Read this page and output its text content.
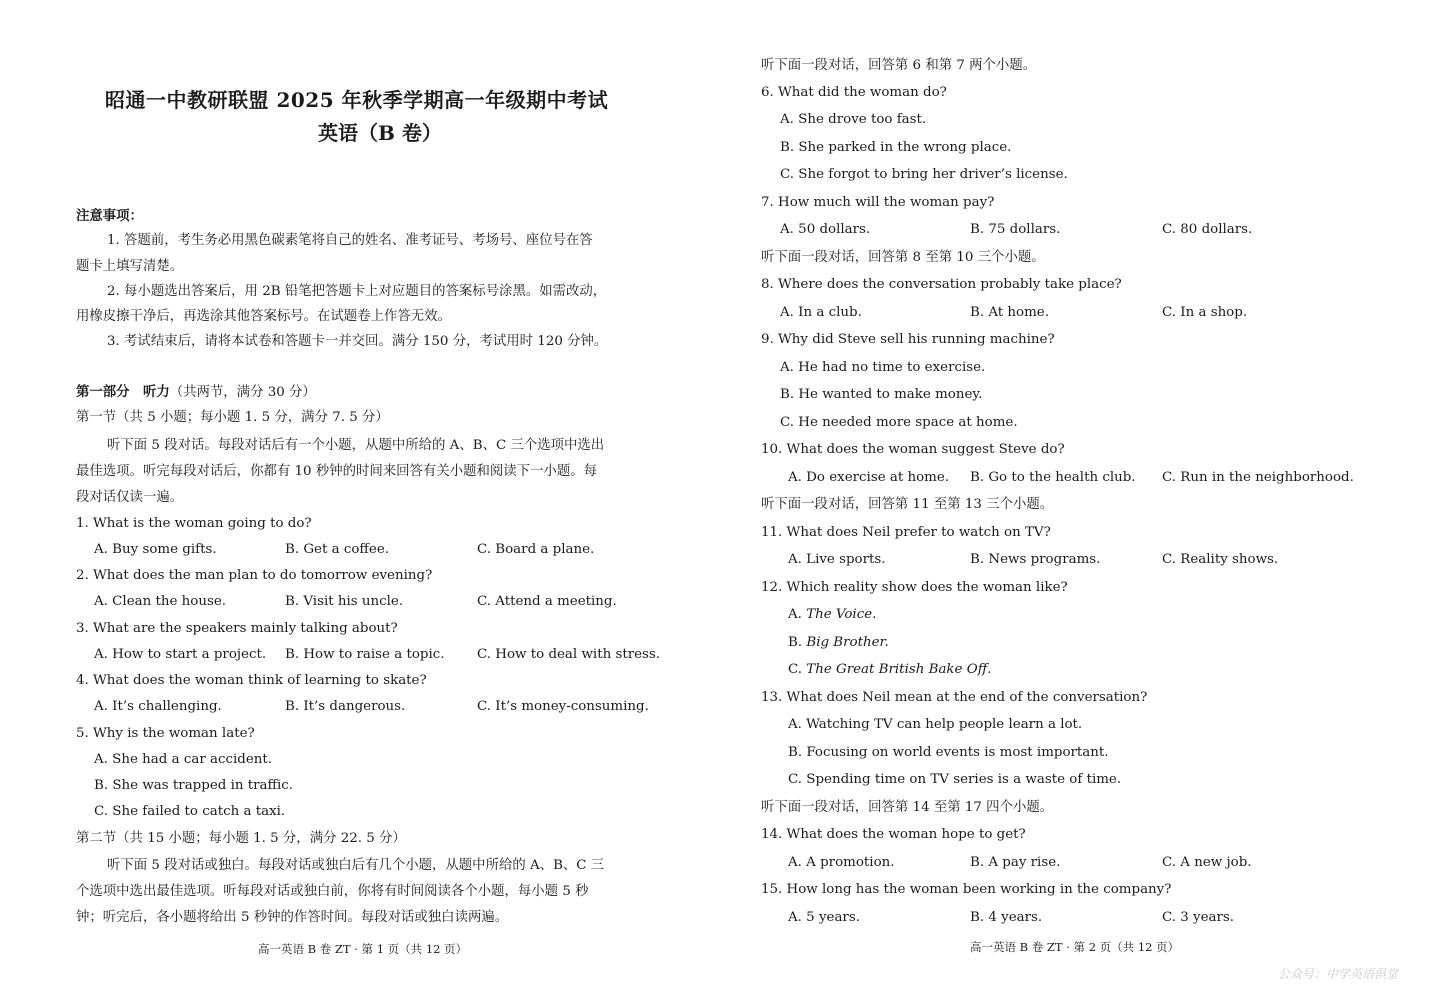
昭通一中教研联盟 2025 年秋季学期高一年级期中考试
英语（B 卷）
注意事项：
1. 答题前，考生务必用黑色碳素笔将自己的姓名、准考证号、考场号、座位号在答
题卡上填写清楚。
2. 每小题选出答案后，用 2B 铅笔把答题卡上对应题目的答案标号涂黑。如需改动，
用橡皮擦干净后，再选涂其他答案标号。在试题卷上作答无效。
3. 考试结束后，请将本试卷和答题卡一并交回。满分 150 分，考试用时 120 分钟。
第一部分　听力（共两节，满分 30 分）
第一节（共 5 小题；每小题 1. 5 分，满分 7. 5 分）
听下面 5 段对话。每段对话后有一个小题，从题中所给的 A、B、C 三个选项中选出
最佳选项。听完每段对话后，你都有 10 秒钟的时间来回答有关小题和阅读下一小题。每
段对话仅读一遍。
1. What is the woman going to do?
A. Buy some gifts.	B. Get a coffee.	C. Board a plane.
2. What does the man plan to do tomorrow evening?
A. Clean the house.	B. Visit his uncle.	C. Attend a meeting.
3. What are the speakers mainly talking about?
A. How to start a project. B. How to raise a topic. C. How to deal with stress.
4. What does the woman think of learning to skate?
A. It’s challenging.	B. It’s dangerous.	C. It’s money-consuming.
5. Why is the woman late?
A. She had a car accident.
B. She was trapped in traffic.
C. She failed to catch a taxi.
第二节（共 15 小题；每小题 1. 5 分，满分 22. 5 分）
听下面 5 段对话或独白。每段对话或独白后有几个小题，从题中所给的 A、B、C 三
个选项中选出最佳选项。听每段对话或独白前，你将有时间阅读各个小题，每小题 5 秒
钟；听完后，各小题将给出 5 秒钟的作答时间。每段对话或独白读两遍。
高一英语 B 卷 ZT · 第 1 页（共 12 页）
听下面一段对话，回答第 6 和第 7 两个小题。
6. What did the woman do?
A. She drove too fast.
B. She parked in the wrong place.
C. She forgot to bring her driver’s license.
7. How much will the woman pay?
A. 50 dollars.	B. 75 dollars.	C. 80 dollars.
听下面一段对话，回答第 8 至第 10 三个小题。
8. Where does the conversation probably take place?
A. In a club.	B. At home.	C. In a shop.
9. Why did Steve sell his running machine?
A. He had no time to exercise.
B. He wanted to make money.
C. He needed more space at home.
10. What does the woman suggest Steve do?
A. Do exercise at home. B. Go to the health club. C. Run in the neighborhood.
听下面一段对话，回答第 11 至第 13 三个小题。
11. What does Neil prefer to watch on TV?
A. Live sports.	B. News programs.	C. Reality shows.
12. Which reality show does the woman like?
A. The Voice.
B. Big Brother.
C. The Great British Bake Off.
13. What does Neil mean at the end of the conversation?
A. Watching TV can help people learn a lot.
B. Focusing on world events is most important.
C. Spending time on TV series is a waste of time.
听下面一段对话，回答第 14 至第 17 四个小题。
14. What does the woman hope to get?
A. A promotion.	B. A pay rise.	C. A new job.
15. How long has the woman been working in the company?
A. 5 years.	B. 4 years.	C. 3 years.
高一英语 B 卷 ZT · 第 2 页（共 12 页）
公众号：中学英语俱堂
